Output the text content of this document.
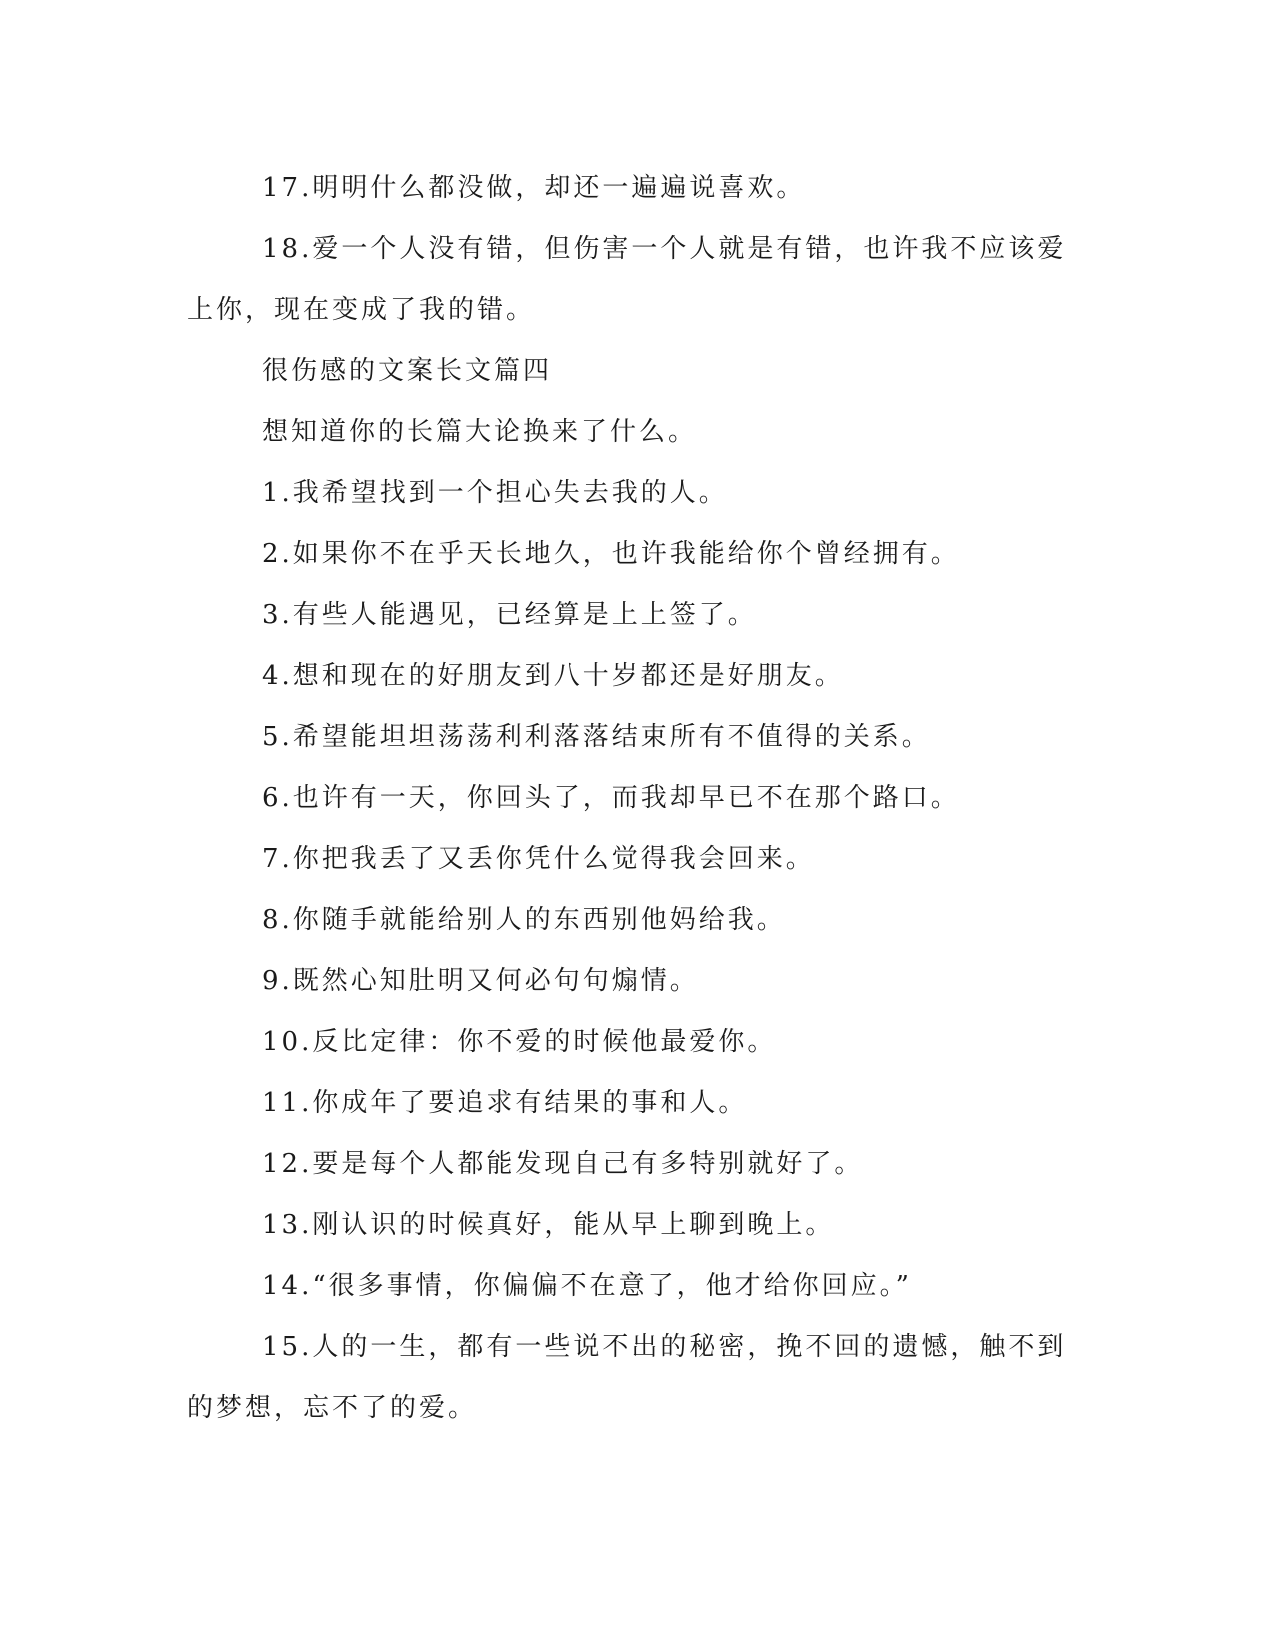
17.明明什么都没做，却还一遍遍说喜欢。

18.爱一个人没有错，但伤害一个人就是有错，也许我不应该爱上你，现在变成了我的错。

很伤感的文案长文篇四

想知道你的长篇大论换来了什么。

1.我希望找到一个担心失去我的人。

2.如果你不在乎天长地久，也许我能给你个曾经拥有。

3.有些人能遇见，已经算是上上签了。

4.想和现在的好朋友到八十岁都还是好朋友。

5.希望能坦坦荡荡利利落落结束所有不值得的关系。

6.也许有一天，你回头了，而我却早已不在那个路口。

7.你把我丢了又丢你凭什么觉得我会回来。

8.你随手就能给别人的东西别他妈给我。

9.既然心知肚明又何必句句煽情。

10.反比定律：你不爱的时候他最爱你。

11.你成年了要追求有结果的事和人。

12.要是每个人都能发现自己有多特别就好了。

13.刚认识的时候真好，能从早上聊到晚上。

14.“很多事情，你偏偏不在意了，他才给你回应。”

15.人的一生，都有一些说不出的秘密，挽不回的遗憾，触不到的梦想，忘不了的爱。
